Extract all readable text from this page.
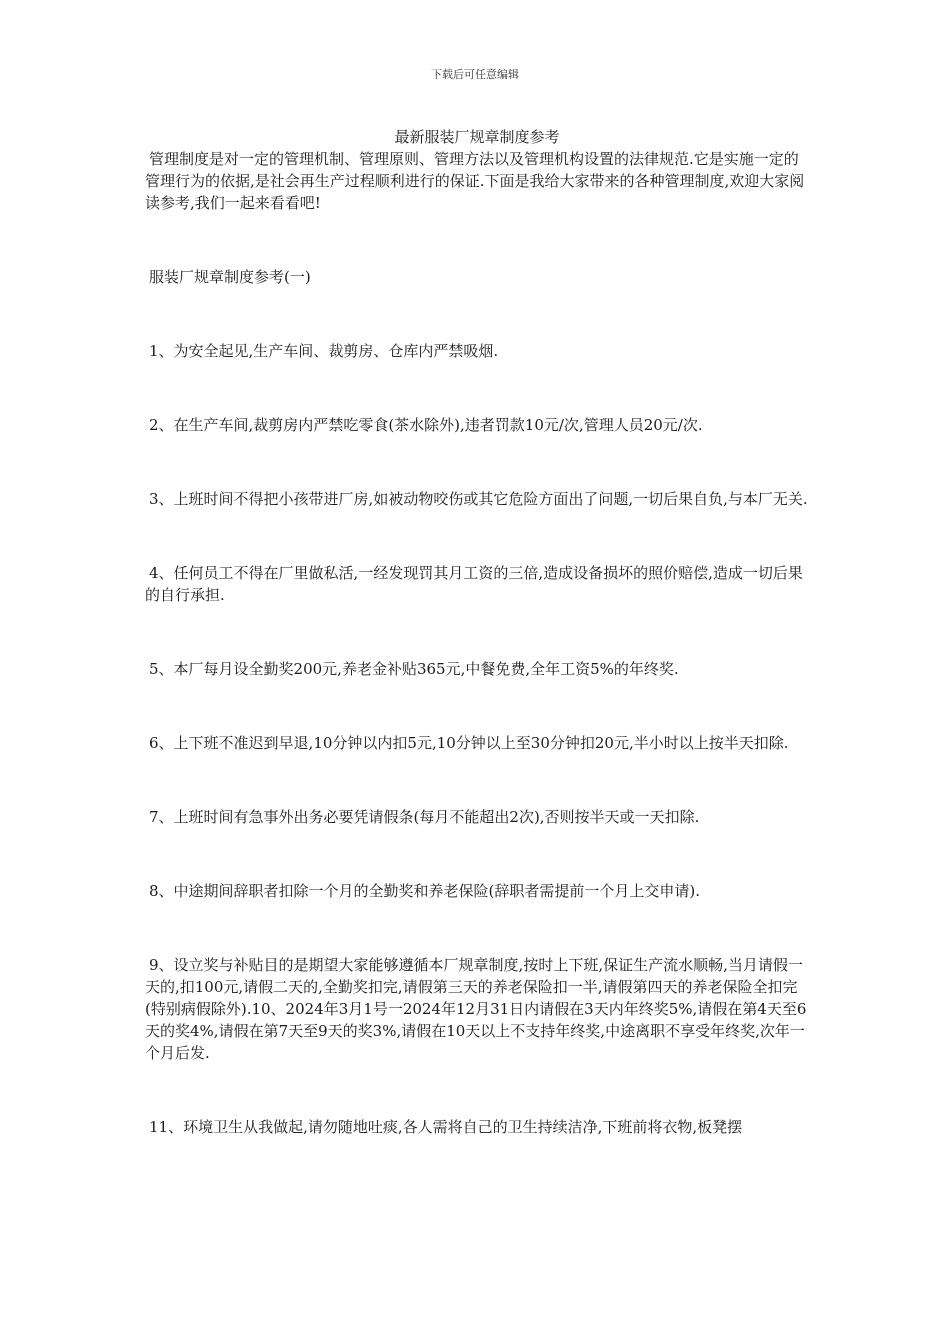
下载后可任意编辑
最新服装厂规章制度参考

管理制度是对一定的管理机制、管理原则、管理方法以及管理机构设置的法律规范.它是实施一定的管理行为的依据,是社会再生产过程顺利进行的保证.下面是我给大家带来的各种管理制度,欢迎大家阅读参考,我们一起来看看吧!

服装厂规章制度参考(一)

1、为安全起见,生产车间、裁剪房、仓库内严禁吸烟.

2、在生产车间,裁剪房内严禁吃零食(茶水除外),违者罚款10元/次,管理人员20元/次.

3、上班时间不得把小孩带进厂房,如被动物咬伤或其它危险方面出了问题,一切后果自负,与本厂无关.

4、任何员工不得在厂里做私活,一经发现罚其月工资的三倍,造成设备损坏的照价赔偿,造成一切后果的自行承担.

5、本厂每月设全勤奖200元,养老金补贴365元,中餐免费,全年工资5%的年终奖.

6、上下班不准迟到早退,10分钟以内扣5元,10分钟以上至30分钟扣20元,半小时以上按半天扣除.

7、上班时间有急事外出务必要凭请假条(每月不能超出2次),否则按半天或一天扣除.

8、中途期间辞职者扣除一个月的全勤奖和养老保险(辞职者需提前一个月上交申请).

9、设立奖与补贴目的是期望大家能够遵循本厂规章制度,按时上下班,保证生产流水顺畅,当月请假一天的,扣100元,请假二天的,全勤奖扣完,请假第三天的养老保险扣一半,请假第四天的养老保险全扣完(特别病假除外).10、2024年3月1号一2024年12月31日内请假在3天内年终奖5%,请假在第4天至6天的奖4%,请假在第7天至9天的奖3%,请假在10天以上不支持年终奖,中途离职不享受年终奖,次年一个月后发.

11、环境卫生从我做起,请勿随地吐痰,各人需将自己的卫生持续洁净,下班前将衣物,板凳摆
